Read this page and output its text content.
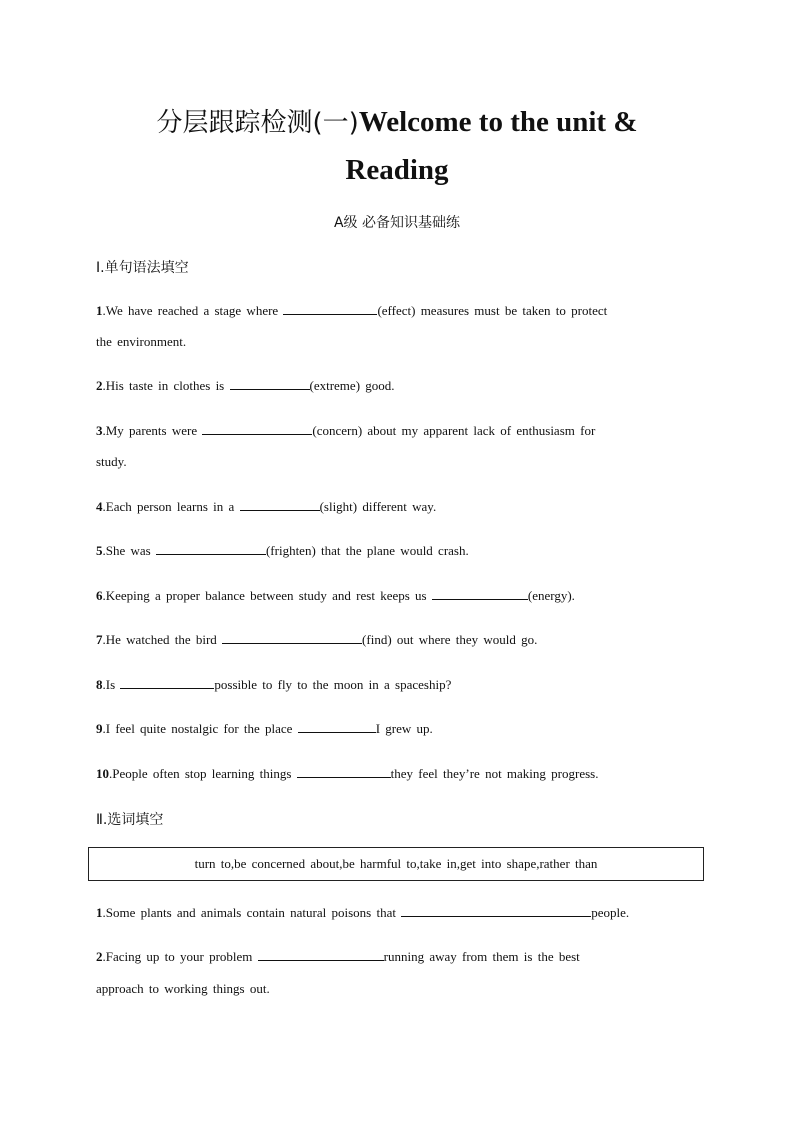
分层跟踪检测(一)Welcome to the unit &
Reading
A级 必备知识基础练
Ⅰ.单句语法填空
1.We have reached a stage where	(effect) measures must be taken to protect
the environment.
2.His taste in clothes is	(extreme) good.
3.My parents were	(concern) about my apparent lack of enthusiasm for
study.
4.Each person learns in a	(slight) different way.
5.She was	(frighten) that the plane would crash.
6.Keeping a proper balance between study and rest keeps us	(energy).
7.He watched the bird	(find) out where they would go.
8.Is	possible to fly to the moon in a spaceship?
9.I feel quite nostalgic for the place	I grew up.
10.People often stop learning things	they feel they’re not making progress.
Ⅱ.选词填空
turn to,be concerned about,be harmful to,take in,get into shape,rather than
1.Some plants and animals contain natural poisons that	people.
2.Facing up to your problem	running away from them is the best
approach to working things out.
